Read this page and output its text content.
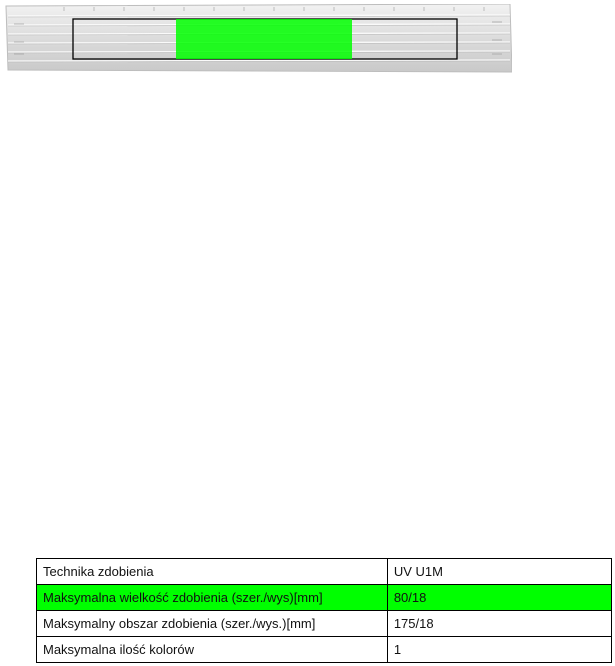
Technika zdobienia	UV U1M
Maksymalna wielkość zdobienia (szer./wys)[mm]	80/18
Maksymalny obszar zdobienia (szer./wys.)[mm]	175/18
Maksymalna ilość kolorów	1
